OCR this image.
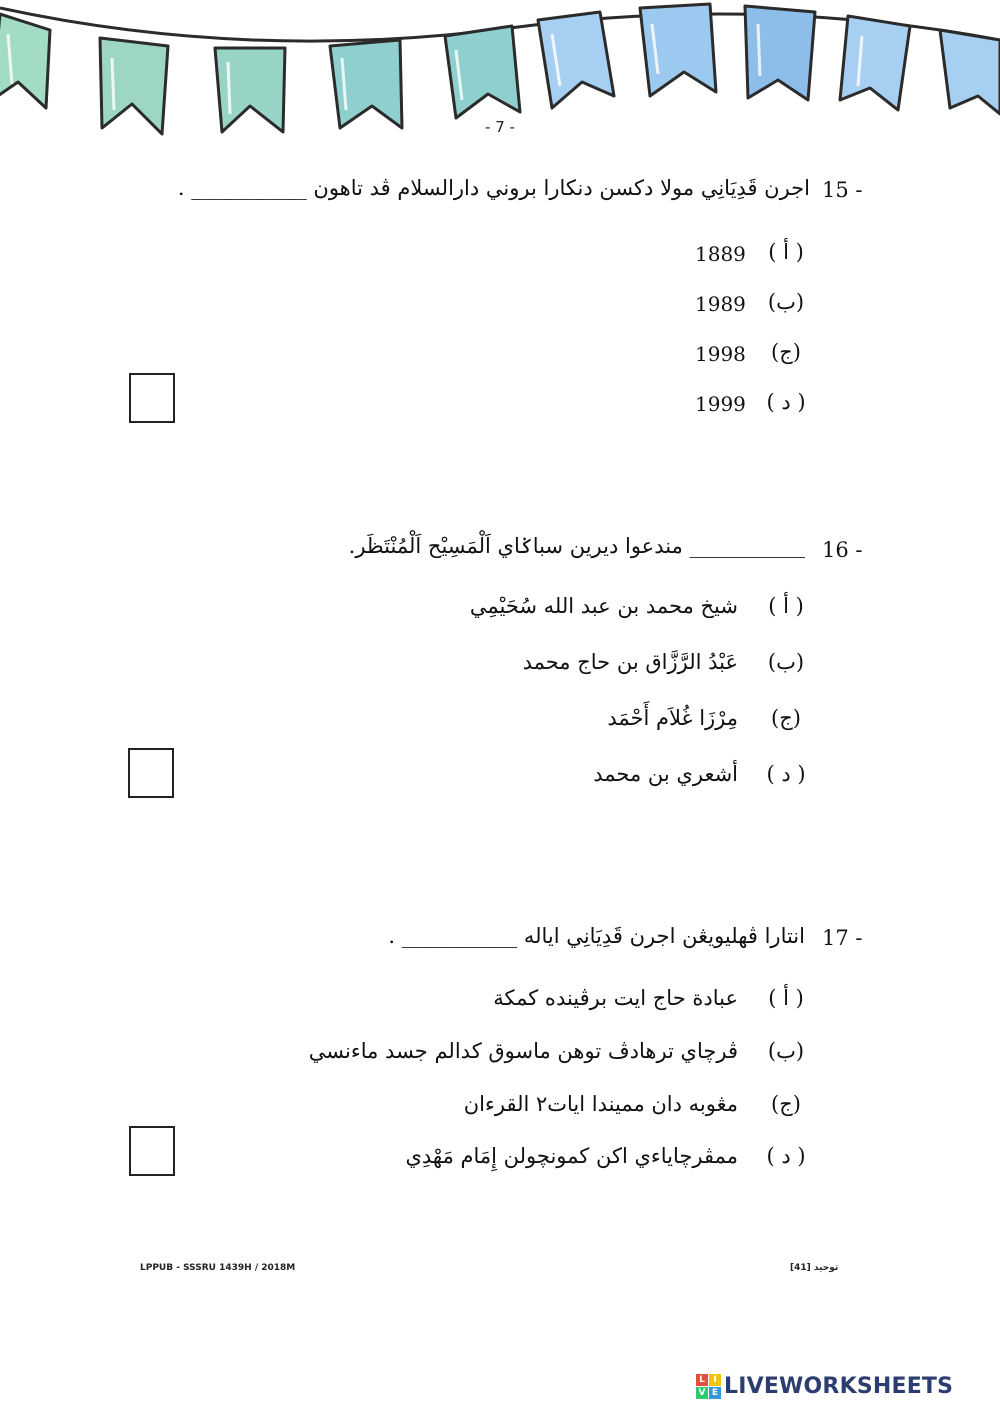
- 7 -
15 -
اجرن قَدِيَانِي مولا دكسن دنكارا بروني دارالسلام ڤد تاهون ___________ .
( أ )
1889
(ب)
1989
(ج)
1998
( د )
1999
16 -
___________ مندعوا ديرين سباݢاي اَلْمَسِيْح اَلْمُنْتَظَر.
( أ )
شيخ محمد بن عبد الله سُحَيْمِي
(ب)
عَبْدُ الرَّزَّاق بن حاج محمد
(ج)
مِرْزَا غُلاَم أَحْمَد
( د )
أشعري بن محمد
17 -
انتارا ڤهليويڠن اجرن قَدِيَانِي اياله ___________ .
( أ )
عبادة حاج ايت برڤينده كمكة
(ب)
ڤرچاي ترهادڤ توهن ماسوق كدالم جسد ماءنسي
(ج)
مڠوبه دان مميندا ايات٢ القرءان
( د )
ممڤرچاياءي اكن كمونچولن إِمَام مَهْدِي
LPPUB - SSSRU 1439H / 2018M	توحيد [41]
L I
V E LIVEWORKSHEETS
